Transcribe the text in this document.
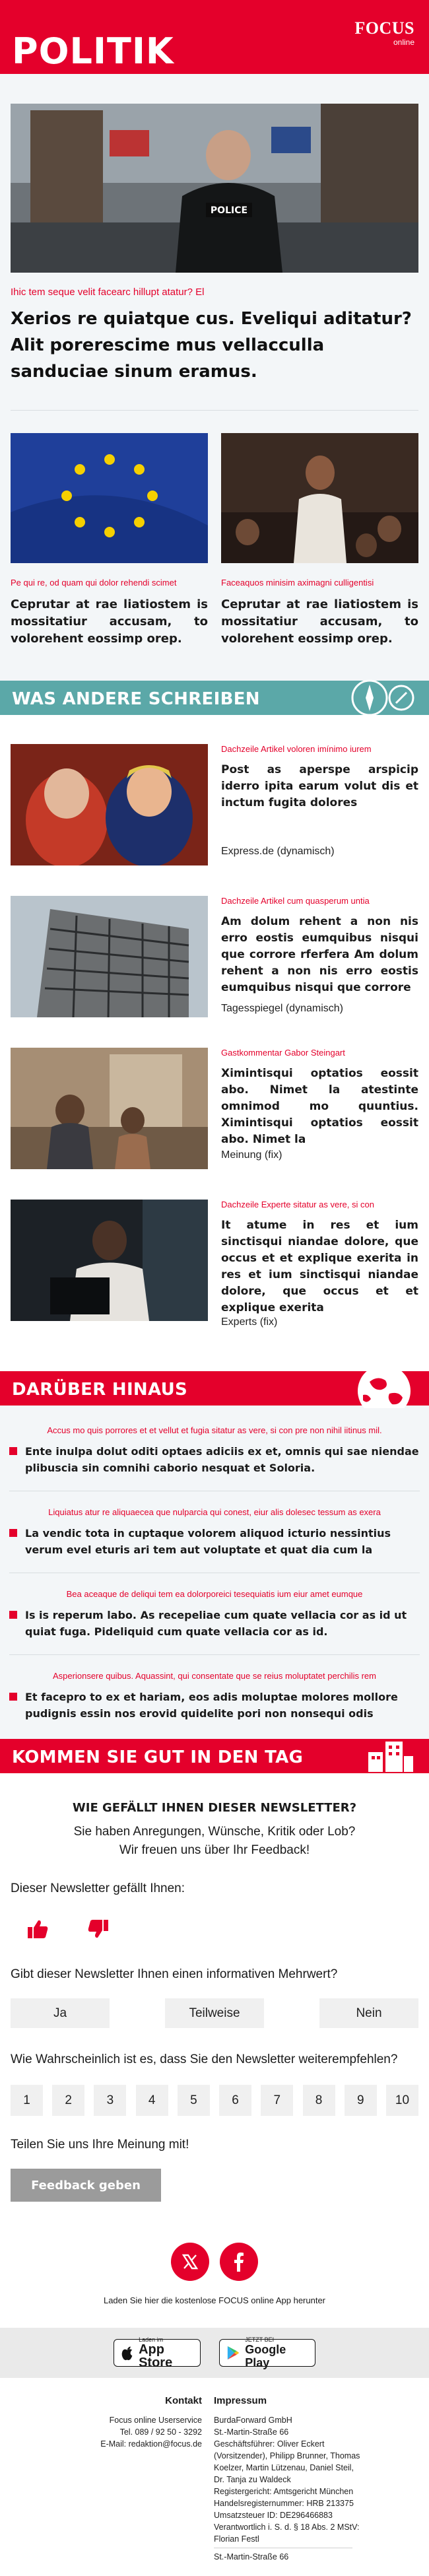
POLITIK
FOCUS
online
POLICE
Ihic tem seque velit facearc hillupt atatur? El
Xerios re quiatque cus. Eveliqui aditatur? Alit porerescime mus vellacculla sanduciae sinum eramus.
Pe qui re, od quam qui dolor rehendi scimet
Ceprutar at rae liatiostem is mossitatiur accusam, to volorehent eossimp orep.
Faceaquos minisim aximagni culligentisi
Ceprutar at rae liatiostem is mossitatiur accusam, to volorehent eossimp orep.
WAS ANDERE SCHREIBEN
Dachzeile Artikel voloren imínimo iurem
Post as aperspe arspicip iderro ipita earum volut dis et inctum fugita dolores
Express.de (dynamisch)
Dachzeile Artikel cum quasperum untia
Am dolum rehent a non nis erro eostis eumquibus nisqui que corrore rferfera Am dolum rehent a non nis erro eostis eumquibus nisqui que corrore
Tagesspiegel (dynamisch)
Gastkommentar Gabor Steingart
Ximintisqui optatios eossit abo. Nimet la atestinte omnimod mo quuntius. Ximintisqui optatios eossit abo. Nimet la
Meinung (fix)
Dachzeile Experte sitatur as vere, si con
It atume in res et ium sinctisqui niandae dolore, que occus et et explique exerita in res et ium sinctisqui niandae dolore, que occus et et explique exerita
Experts (fix)
DARÜBER HINAUS
Accus mo quis porrores et et vellut et fugia sitatur as vere, si con pre non nihil iitinus mil.
Ente inulpa dolut oditi optaes adiciis ex et, omnis qui sae niendae plibuscia sin comnihi caborio nesquat et Soloria.
Liquiatus atur re aliquaecea que nulparcia qui conest, eiur alis dolesec tessum as exera
La vendic tota in cuptaque volorem aliquod icturio nessintius verum evel eturis ari tem aut voluptate et quat dia cum la
Bea aceaque de deliqui tem ea dolorporeici tesequiatis ium eiur amet eumque
Is is reperum labo. As recepeliae cum quate vellacia cor as id ut quiat fuga. Pideliquid cum quate vellacia cor as id.
Asperionsere quibus. Aquassint, qui consentate que se reius moluptatet perchilis rem
Et facepro to ex et hariam, eos adis moluptae molores mollore pudignis essin nos erovid quidelite pori non nonsequi odis
KOMMEN SIE GUT IN DEN TAG
WIE GEFÄLLT IHNEN DIESER NEWSLETTER?
Sie haben Anregungen, Wünsche, Kritik oder Lob?
Wir freuen uns über Ihr Feedback!
Dieser Newsletter gefällt Ihnen:
Gibt dieser Newsletter Ihnen einen informativen Mehrwert?
Ja	Teilweise	Nein
Wie Wahrscheinlich ist es, dass Sie den Newsletter weiterempfehlen?
1	2	3	4	5	6	7	8	9	10
Teilen Sie uns Ihre Meinung mit!
Feedback geben
Laden Sie hier die kostenlose FOCUS online App herunter
Laden im
App Store
JETZT BEI
Google Play
Kontakt
Focus online Userservice
Tel. 089 / 92 50 - 3292
E-Mail: redaktion@focus.de
Impressum
BurdaForward GmbH
St.-Martin-Straße 66
Geschäftsführer: Oliver Eckert
(Vorsitzender), Philipp Brunner, Thomas
Koelzer, Martin Lützenau, Daniel Steil,
Dr. Tanja zu Waldeck
Registergericht: Amtsgericht München
Handelsregisternummer: HRB 213375
Umsatzsteuer ID: DE296466883
Verantwortlich i. S. d. § 18 Abs. 2 MStV:
Florian Festl
St.-Martin-Straße 66
